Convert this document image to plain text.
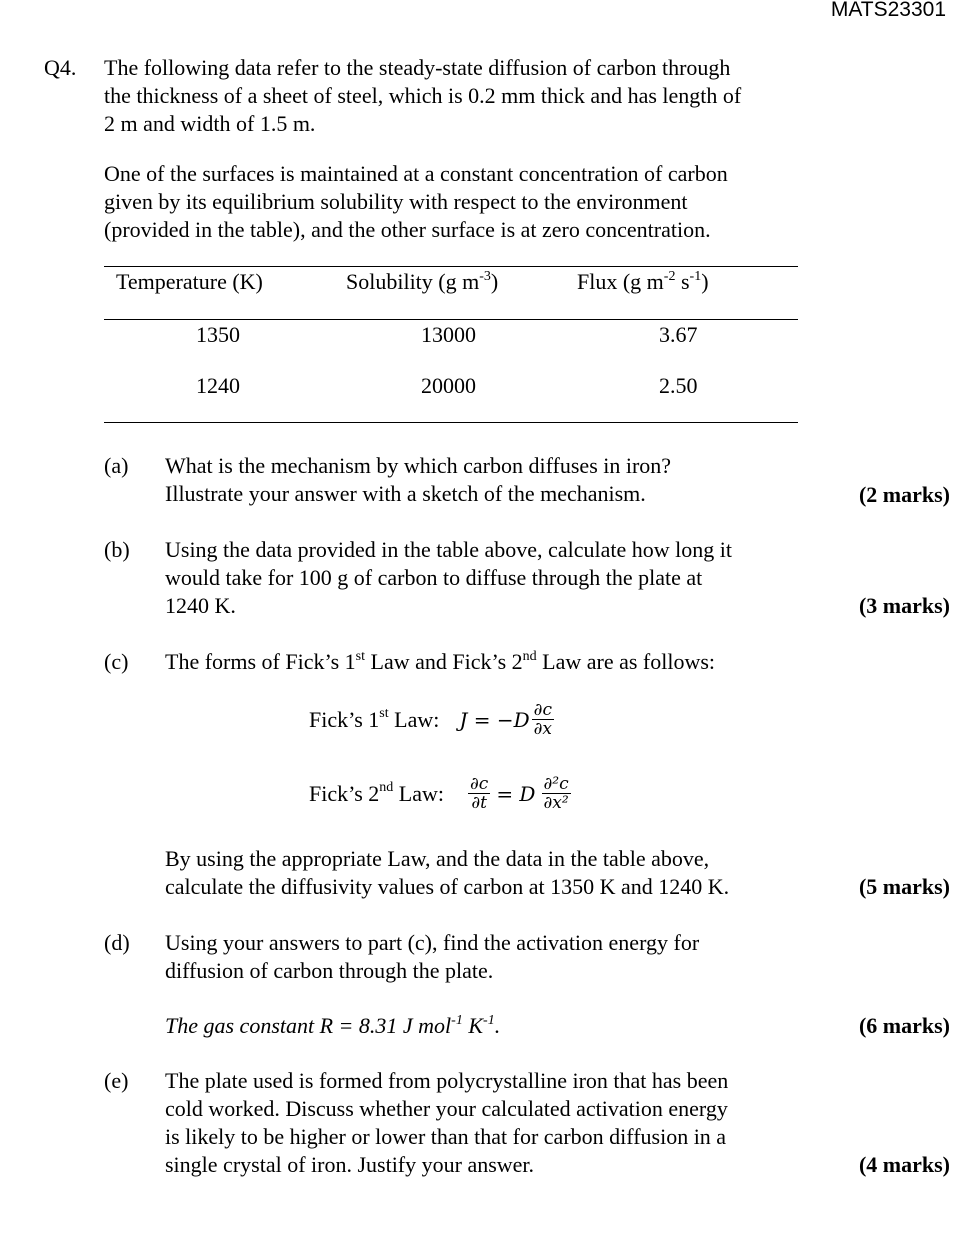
MATS23301
Q4. The following data refer to the steady-state diffusion of carbon through
the thickness of a sheet of steel, which is 0.2 mm thick and has length of
2 m and width of 1.5 m.
One of the surfaces is maintained at a constant concentration of carbon
given by its equilibrium solubility with respect to the environment
(provided in the table), and the other surface is at zero concentration.
Temperature (K)	Solubility (g $m^{-3}$)	Flux (g $m^{-2}$ $s^{-1}$)
1350	13000	3.67
1240	20000	2.50
(a) What is the mechanism by which carbon diffuses in iron?
Illustrate your answer with a sketch of the mechanism.	(2 marks)
(b) Using the data provided in the table above, calculate how long it
would take for 100 g of carbon to diffuse through the plate at
1240 K.	(3 marks)
(c) The forms of Fick’s 1st Law and Fick’s 2nd Law are as follows:
Fick’s 1st Law: $J = -D \frac{\partial c}{\partial x}$
Fick’s 2nd Law: $\frac{\partial c}{\partial t} = D \frac{\text{∂²c}}{\text{∂x²}}$
By using the appropriate Law, and the data in the table above,
calculate the diffusivity values of carbon at 1350 K and 1240 K.	(5 marks)
(d) Using your answers to part (c), find the activation energy for
diffusion of carbon through the plate.
The gas constant R = 8.31 J mol$^{-1}$ $K^{-1}$.	(6 marks)
(e) The plate used is formed from polycrystalline iron that has been
cold worked. Discuss whether your calculated activation energy
is likely to be higher or lower than that for carbon diffusion in a
single crystal of iron. Justify your answer.	(4 marks)
